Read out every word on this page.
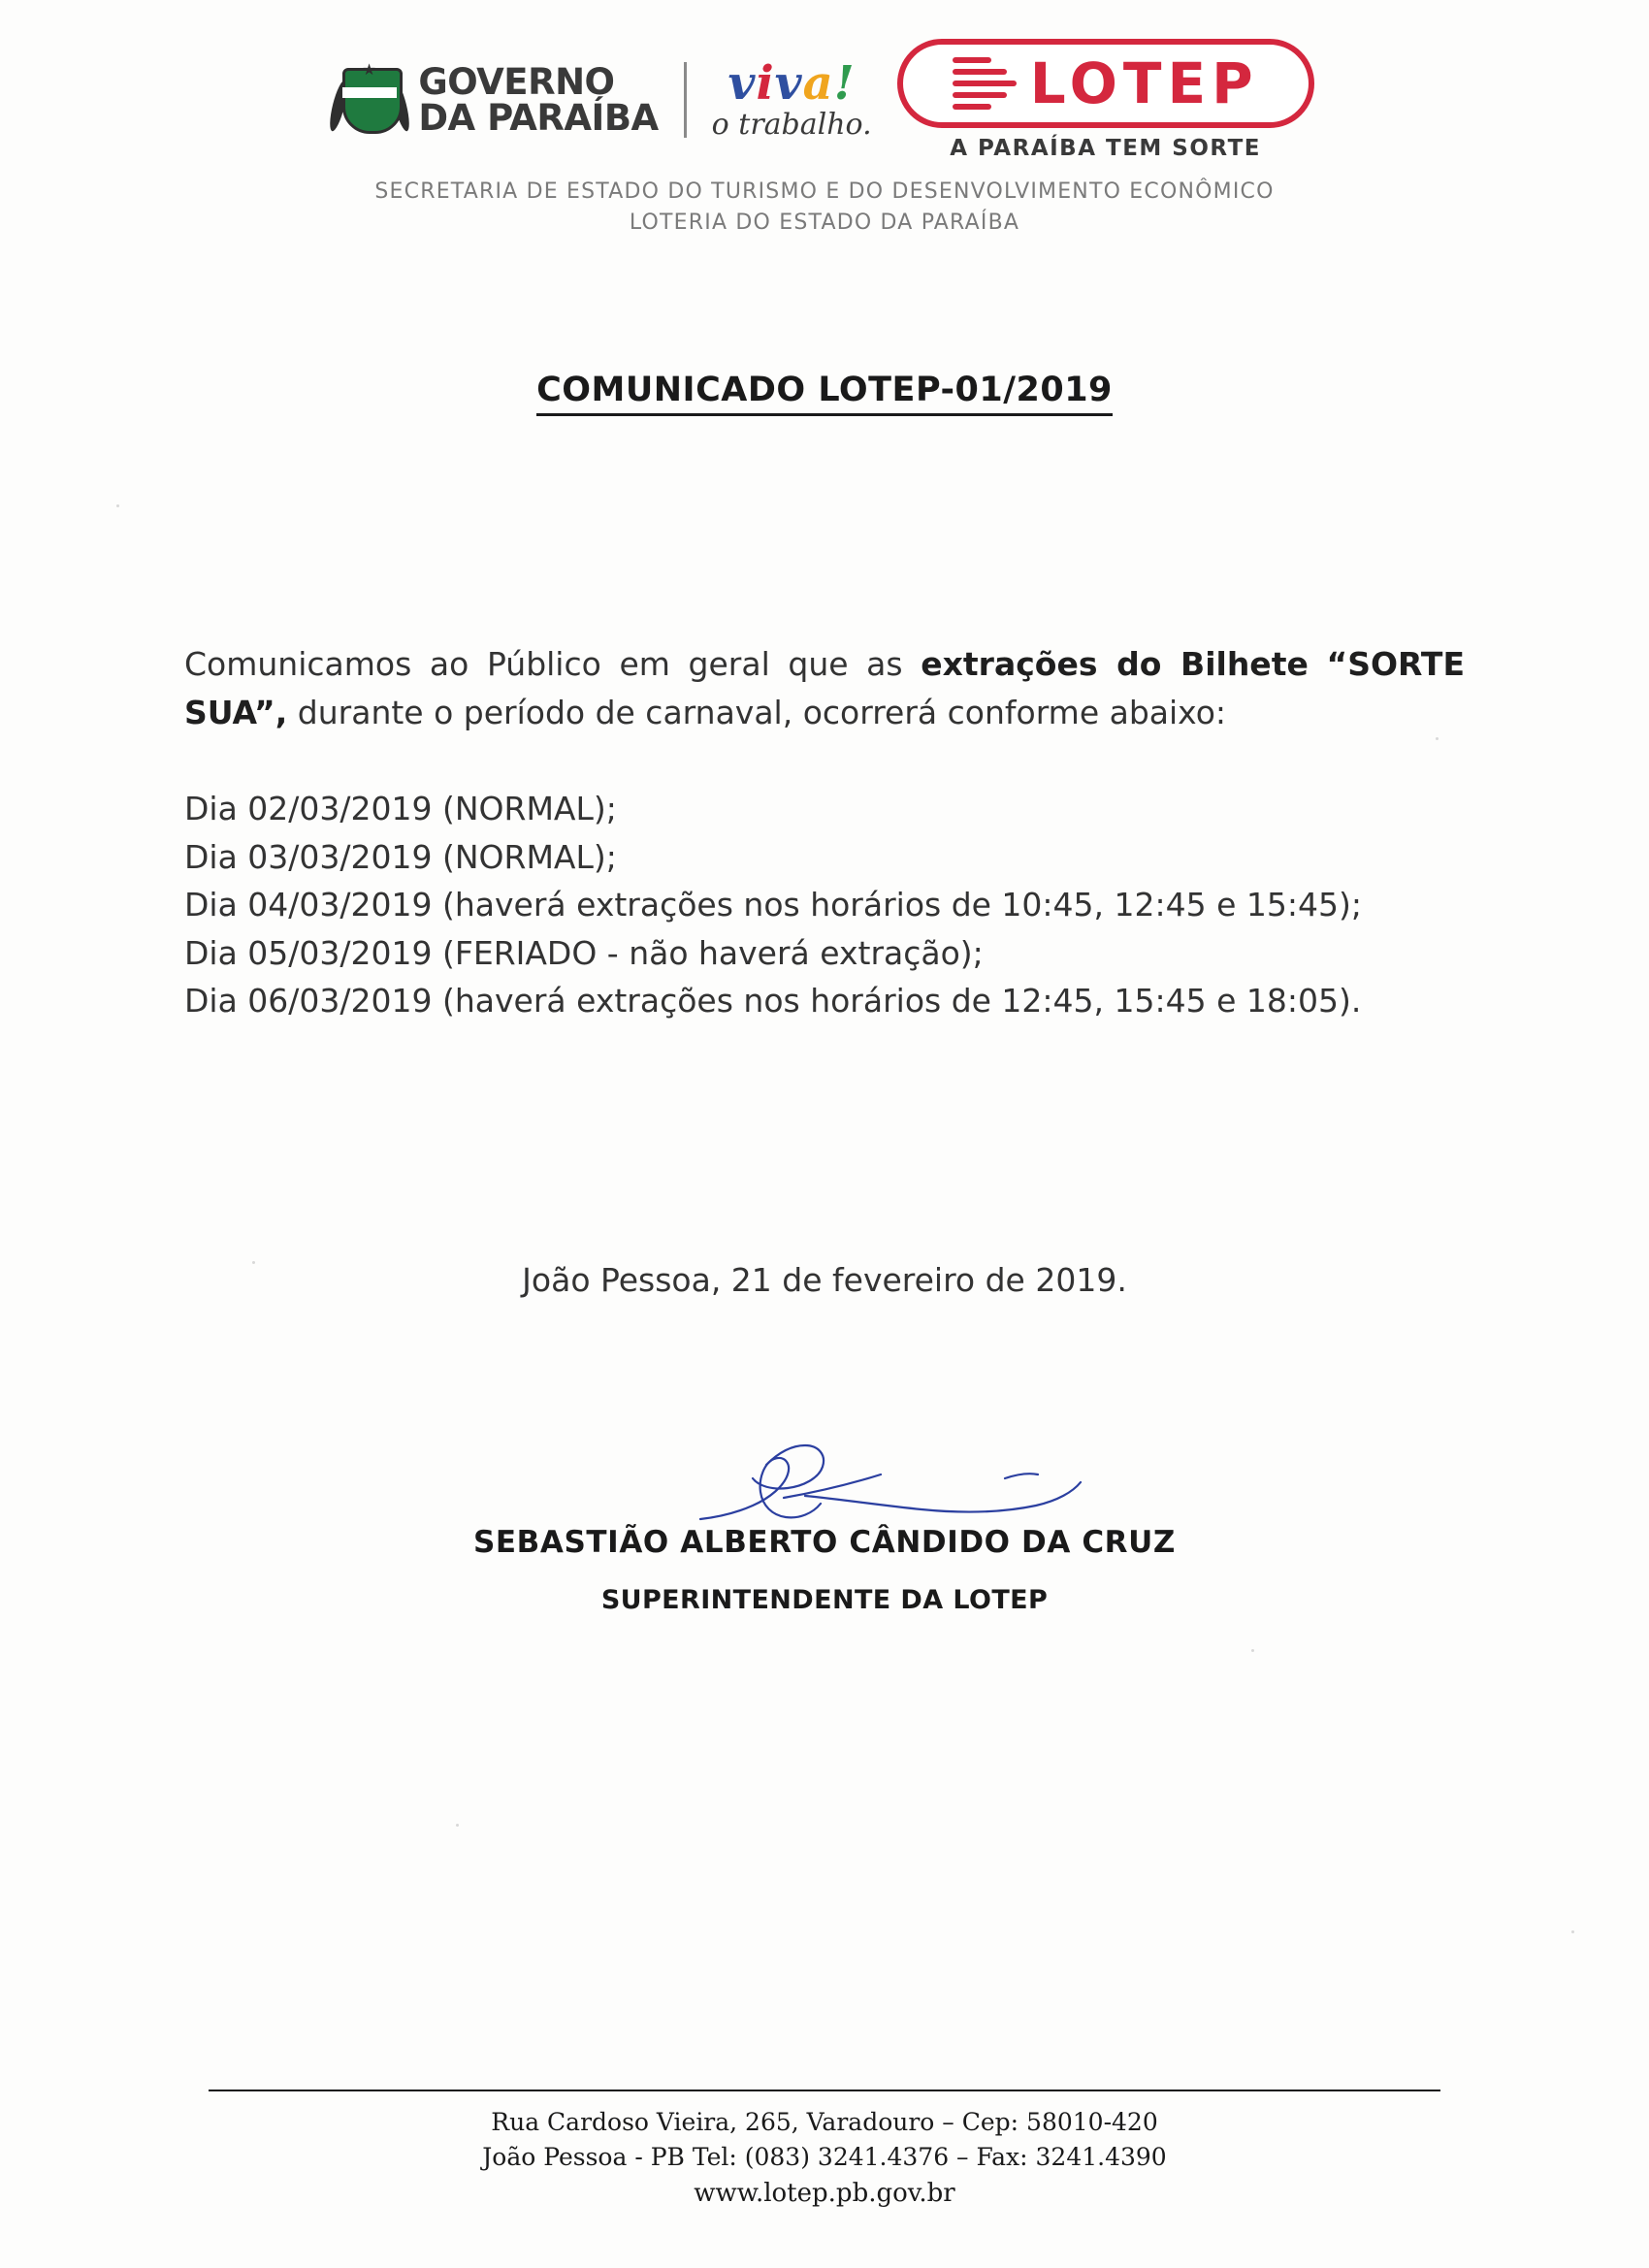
★ GOVERNO
DA PARAÍBA
viva!
o trabalho.
LOTEP
A PARAÍBA TEM SORTE
SECRETARIA DE ESTADO DO TURISMO E DO DESENVOLVIMENTO ECONÔMICO
LOTERIA DO ESTADO DA PARAÍBA
COMUNICADO LOTEP-01/2019
Comunicamos ao Público em geral que as extrações do Bilhete “SORTE SUA”, durante o período de carnaval, ocorrerá conforme abaixo:
Dia 02/03/2019 (NORMAL);
Dia 03/03/2019 (NORMAL);
Dia 04/03/2019 (haverá extrações nos horários de 10:45, 12:45 e 15:45);
Dia 05/03/2019 (FERIADO - não haverá extração);
Dia 06/03/2019 (haverá extrações nos horários de 12:45, 15:45 e 18:05).
João Pessoa, 21 de fevereiro de 2019.
SEBASTIÃO ALBERTO CÂNDIDO DA CRUZ
SUPERINTENDENTE DA LOTEP
Rua Cardoso Vieira, 265, Varadouro – Cep: 58010-420
João Pessoa - PB Tel: (083) 3241.4376 – Fax: 3241.4390
www.lotep.pb.gov.br
